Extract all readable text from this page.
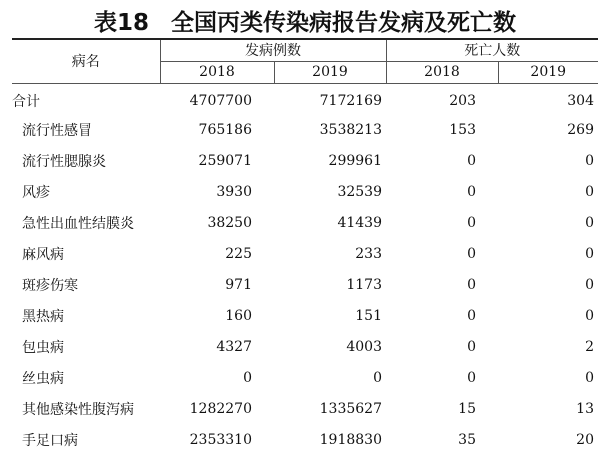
表18 全国丙类传染病报告发病及死亡数
病名	发病例数		死亡人数	
	2018	2019	2018	2019
合计	4707700	7172169	203	304
流行性感冒	765186	3538213	153	269
流行性腮腺炎	259071	299961	0	0
风疹	3930	32539	0	0
急性出血性结膜炎	38250	41439	0	0
麻风病	225	233	0	0
斑疹伤寒	971	1173	0	0
黑热病	160	151	0	0
包虫病	4327	4003	0	2
丝虫病	0	0	0	0
其他感染性腹泻病	1282270	1335627	15	13
手足口病	2353310	1918830	35	20
